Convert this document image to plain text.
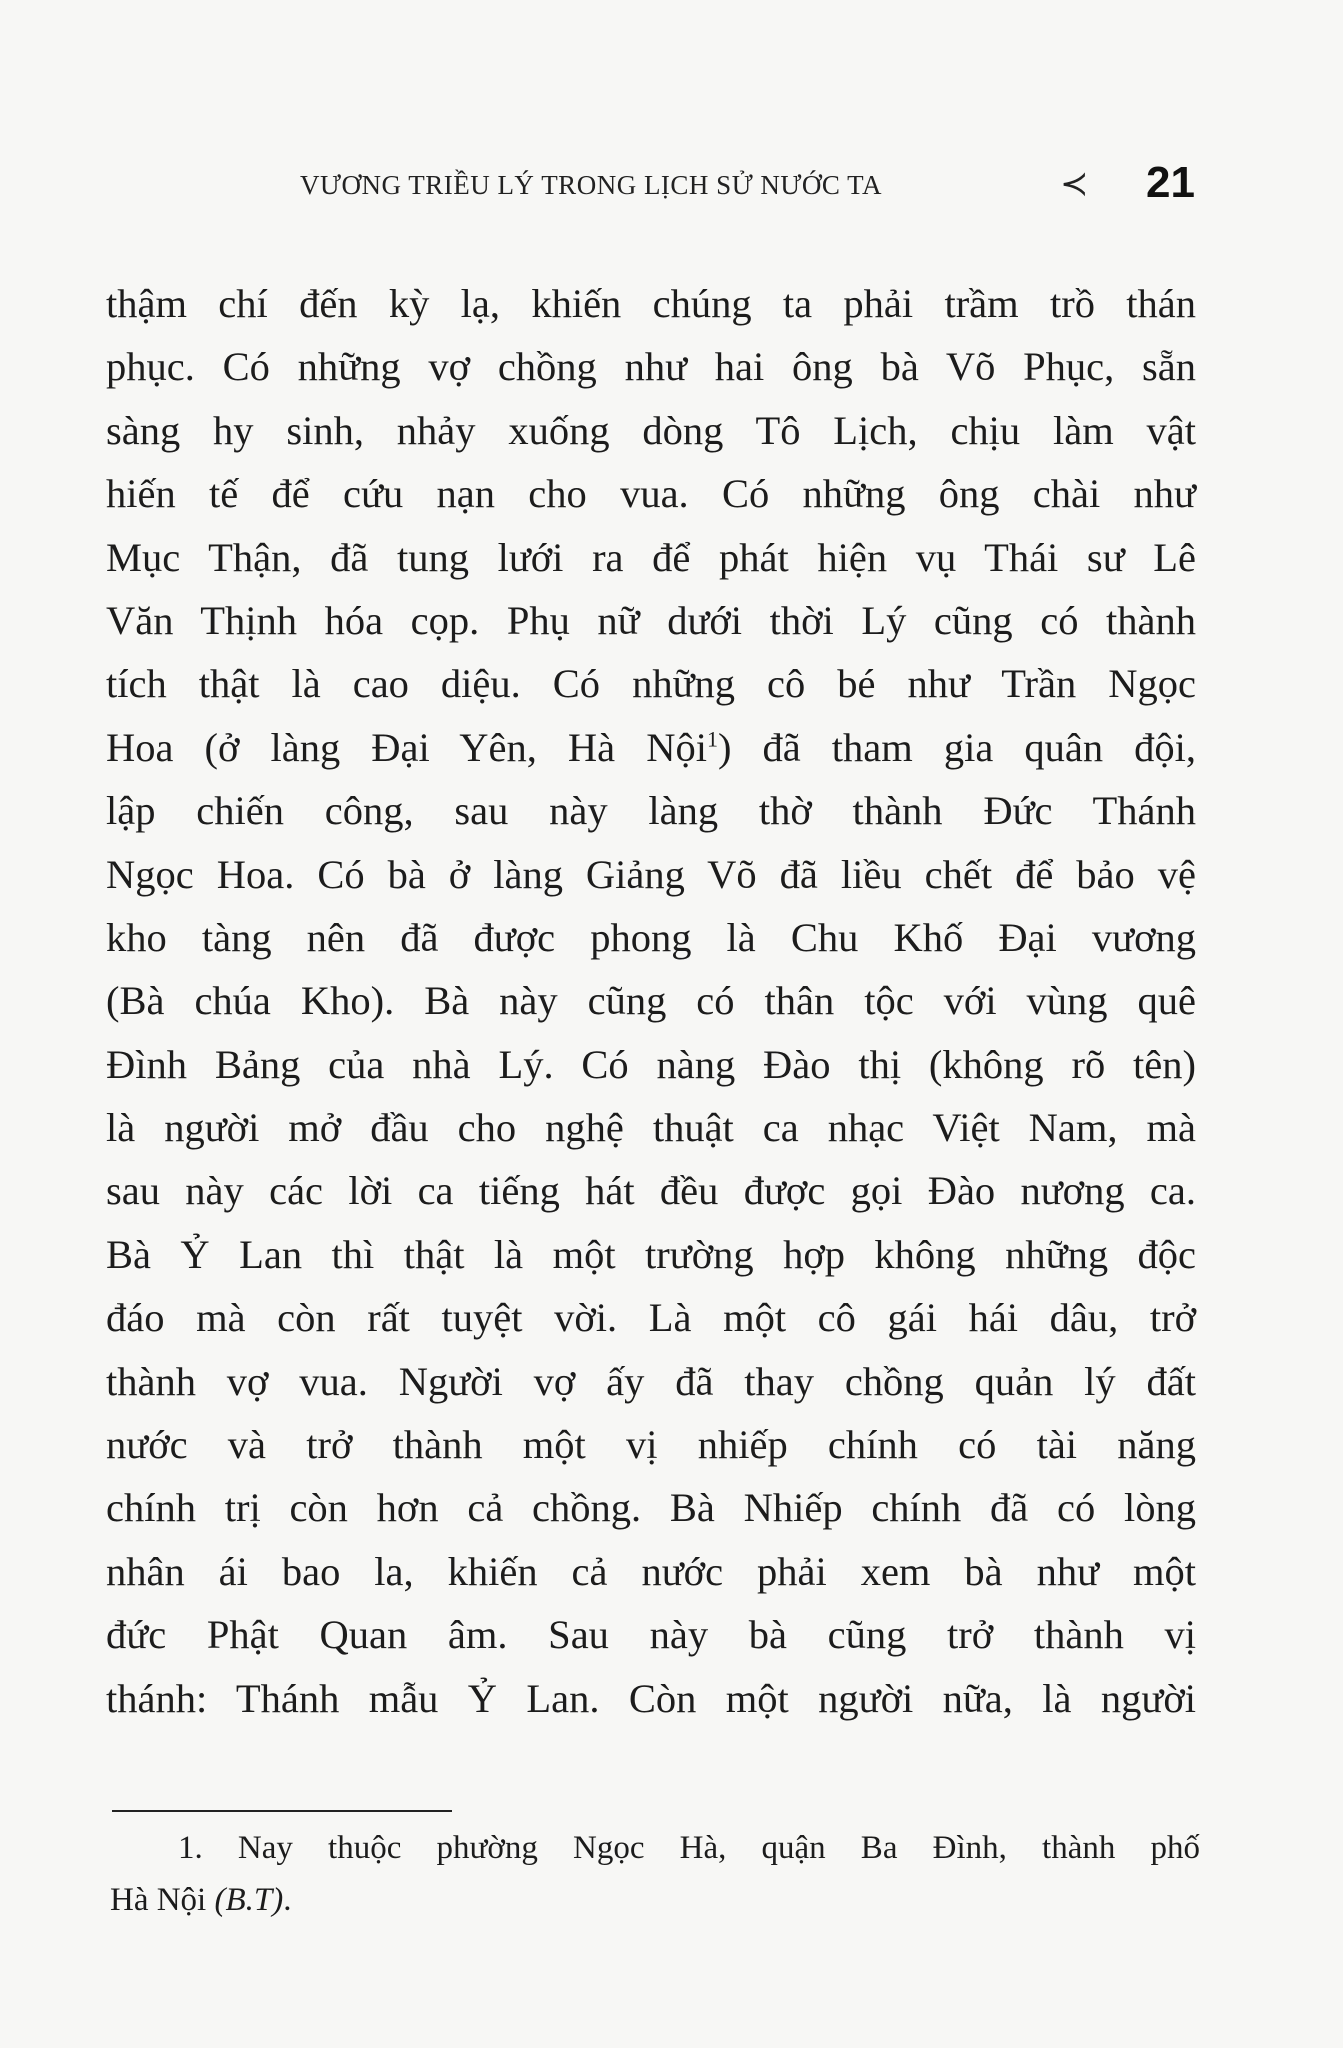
VƯƠNG TRIỀU LÝ TRONG LỊCH SỬ NƯỚC TA	≺ 21
thậm chí đến kỳ lạ, khiến chúng ta phải trầm trồ thán
phục. Có những vợ chồng như hai ông bà Võ Phục, sẵn
sàng hy sinh, nhảy xuống dòng Tô Lịch, chịu làm vật
hiến tế để cứu nạn cho vua. Có những ông chài như
Mục Thận, đã tung lưới ra để phát hiện vụ Thái sư Lê
Văn Thịnh hóa cọp. Phụ nữ dưới thời Lý cũng có thành
tích thật là cao diệu. Có những cô bé như Trần Ngọc
Hoa (ở làng Đại Yên, Hà Nội$^1$) đã tham gia quân đội,
lập chiến công, sau này làng thờ thành Đức Thánh
Ngọc Hoa. Có bà ở làng Giảng Võ đã liều chết để bảo vệ
kho tàng nên đã được phong là Chu Khố Đại vương
(Bà chúa Kho). Bà này cũng có thân tộc với vùng quê
Đình Bảng của nhà Lý. Có nàng Đào thị (không rõ tên)
là người mở đầu cho nghệ thuật ca nhạc Việt Nam, mà
sau này các lời ca tiếng hát đều được gọi Đào nương ca.
Bà Ỷ Lan thì thật là một trường hợp không những độc
đáo mà còn rất tuyệt vời. Là một cô gái hái dâu, trở
thành vợ vua. Người vợ ấy đã thay chồng quản lý đất
nước và trở thành một vị nhiếp chính có tài năng
chính trị còn hơn cả chồng. Bà Nhiếp chính đã có lòng
nhân ái bao la, khiến cả nước phải xem bà như một
đức Phật Quan âm. Sau này bà cũng trở thành vị
thánh: Thánh mẫu Ỷ Lan. Còn một người nữa, là người
1. Nay thuộc phường Ngọc Hà, quận Ba Đình, thành phố
Hà Nội (B.T).
